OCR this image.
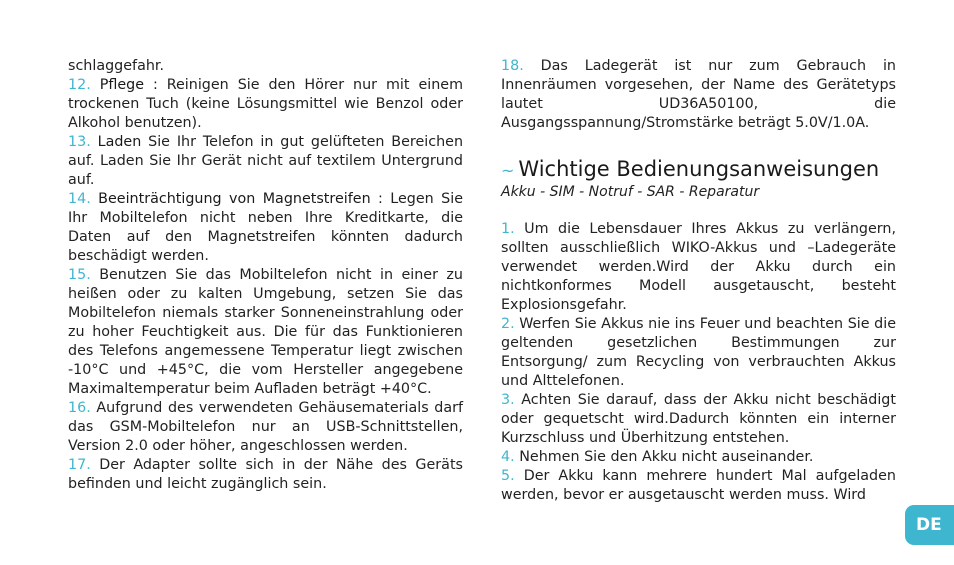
schlaggefahr.

12. Pflege : Reinigen Sie den Hörer nur mit einem trockenen Tuch (keine Lösungsmittel wie Benzol oder Alkohol benutzen).

13. Laden Sie Ihr Telefon in gut gelüfteten Bereichen auf. Laden Sie Ihr Gerät nicht auf textilem Untergrund auf.

14. Beeinträchtigung von Magnetstreifen : Legen Sie Ihr Mobiltelefon nicht neben Ihre Kreditkarte, die Daten auf den Magnetstreifen könnten dadurch beschädigt werden.

15. Benutzen Sie das Mobiltelefon nicht in einer zu heißen oder zu kalten Umgebung, setzen Sie das Mobiltelefon niemals starker Sonneneinstrahlung oder zu hoher Feuchtigkeit aus. Die für das Funktionieren des Telefons angemessene Temperatur liegt zwischen -10°C und +45°C, die vom Hersteller angegebene Maximaltemperatur beim Aufladen beträgt +40°C.

16. Aufgrund des verwendeten Gehäusematerials darf das GSM-Mobiltelefon nur an USB-Schnittstellen, Version 2.0 oder höher, angeschlossen werden.

17. Der Adapter sollte sich in der Nähe des Geräts befinden und leicht zugänglich sein.

18. Das Ladegerät ist nur zum Gebrauch in Innenräumen vorgesehen, der Name des Gerätetyps lautet UD36A50100, die Ausgangsspannung/Stromstärke beträgt 5.0V/1.0A.

~ Wichtige Bedienungsanweisungen
Akku - SIM - Notruf - SAR - Reparatur

1. Um die Lebensdauer Ihres Akkus zu verlängern, sollten ausschließlich WIKO-Akkus und –Ladegeräte verwendet werden.Wird der Akku durch ein nichtkonformes Modell ausgetauscht, besteht Explosionsgefahr.

2. Werfen Sie Akkus nie ins Feuer und beachten Sie die geltenden gesetzlichen Bestimmungen zur Entsorgung/ zum Recycling von verbrauchten Akkus und Alttelefonen.

3. Achten Sie darauf, dass der Akku nicht beschädigt oder gequetscht wird.Dadurch könnten ein interner Kurzschluss und Überhitzung entstehen.

4. Nehmen Sie den Akku nicht auseinander.

5. Der Akku kann mehrere hundert Mal aufgeladen werden, bevor er ausgetauscht werden muss. Wird

DE
